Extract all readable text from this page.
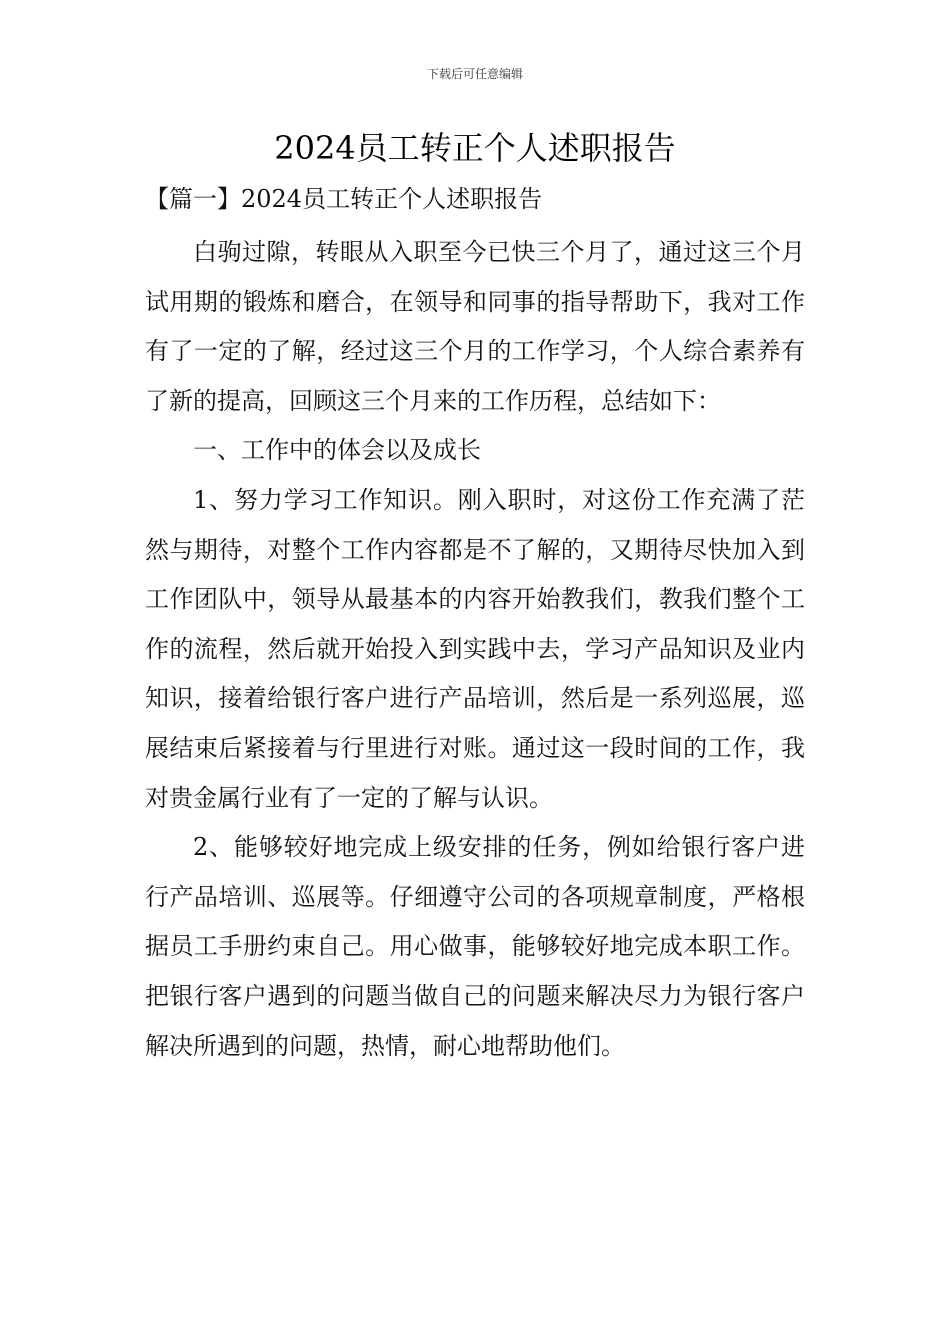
下载后可任意编辑
2024员工转正个人述职报告
【篇一】2024员工转正个人述职报告

白驹过隙，转眼从入职至今已快三个月了，通过这三个月试用期的锻炼和磨合，在领导和同事的指导帮助下，我对工作有了一定的了解，经过这三个月的工作学习，个人综合素养有了新的提高，回顾这三个月来的工作历程，总结如下：

一、工作中的体会以及成长

1、努力学习工作知识。刚入职时，对这份工作充满了茫然与期待，对整个工作内容都是不了解的，又期待尽快加入到工作团队中，领导从最基本的内容开始教我们，教我们整个工作的流程，然后就开始投入到实践中去，学习产品知识及业内知识，接着给银行客户进行产品培训，然后是一系列巡展，巡展结束后紧接着与行里进行对账。通过这一段时间的工作，我对贵金属行业有了一定的了解与认识。

2、能够较好地完成上级安排的任务，例如给银行客户进行产品培训、巡展等。仔细遵守公司的各项规章制度，严格根据员工手册约束自己。用心做事，能够较好地完成本职工作。把银行客户遇到的问题当做自己的问题来解决尽力为银行客户解决所遇到的问题，热情，耐心地帮助他们。
